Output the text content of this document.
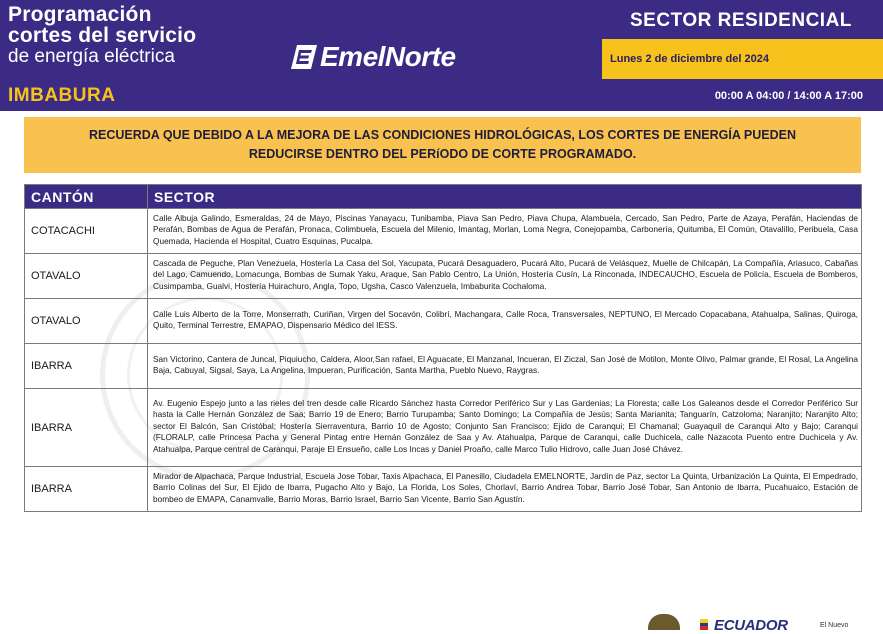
Programación
cortes del servicio
de energía eléctrica
IMBABURA
EmelNorte
SECTOR RESIDENCIAL
Lunes 2 de diciembre del 2024
00:00 A 04:00 / 14:00 A 17:00
RECUERDA QUE DEBIDO A LA MEJORA DE LAS CONDICIONES HIDROLÓGICAS, LOS CORTES DE ENERGÍA PUEDEN REDUCIRSE DENTRO DEL PERíODO DE CORTE PROGRAMADO.
CANTÓN	SECTOR
COTACACHI	Calle Albuja Galindo, Esmeraldas, 24 de Mayo, Piscinas Yanayacu, Tunibamba, Piava San Pedro, Piava Chupa, Alambuela, Cercado, San Pedro, Parte de Azaya, Perafán, Haciendas de Perafán, Bombas de Agua de Perafán, Pronaca, Colimbuela, Escuela del Milenio, Imantag, Morlan, Loma Negra, Conejopamba, Carbonería, Quitumba, El Común, Otavalillo, Peribuela, Casa Quemada, Hacienda el Hospital, Cuatro Esquinas, Pucalpa.
OTAVALO	Cascada de Peguche, Plan Venezuela, Hostería La Casa del Sol, Yacupata, Pucará Desaguadero, Pucará Alto, Pucará de Velásquez, Muelle de Chilcapán, La Compañía, Ariasuco, Cabañas del Lago, Camuendo, Lomacunga, Bombas de Sumak Yaku, Araque, San Pablo Centro, La Unión, Hostería Cusín, La Rinconada, INDECAUCHO, Escuela de Policía, Escuela de Bomberos, Cusimpamba, Gualvi, Hostería Huirachuro, Angla, Topo, Ugsha, Casco Valenzuela, Imbaburita Cochaloma.
OTAVALO	Calle Luis Alberto de la Torre, Monserrath, Curiñan, Virgen del Socavón, Colibrí, Machangara, Calle Roca, Transversales, NEPTUNO, El Mercado Copacabana, Atahualpa, Salinas, Quiroga, Quito, Terminal Terrestre, EMAPAO, Dispensario Médico del IESS.
IBARRA	San Victorino, Cantera de Juncal, Piquiucho, Caldera, Aloor,San rafael, El Aguacate, El Manzanal, Incueran, El Ziczal, San José de Motilon, Monte Olivo, Palmar grande, El Rosal, La Angelina Baja, Cabuyal, Sigsal, Saya, La Angelina, Impueran, Purificación, Santa Martha, Pueblo Nuevo, Raygras.
IBARRA	Av. Eugenio Espejo junto a las rieles del tren desde calle Ricardo Sánchez hasta Corredor Periférico Sur y Las Gardenias; La Floresta; calle Los Galeanos desde el Corredor Periférico Sur hasta la Calle Hernán González de Saa; Barrio 19 de Enero; Barrio Turupamba; Santo Domingo; La Compañía de Jesús; Santa Marianita; Tanguarín, Catzoloma; Naranjito; Naranjito Alto; sector El Balcón, San Cristóbal; Hostería Sierraventura, Barrio 10 de Agosto; Conjunto San Francisco; Ejido de Caranqui; El Chamanal; Guayaquil de Caranqui Alto y Bajo; Caranqui (FLORALP, calle Princesa Pacha y General Pintag entre Hernán González de Saa y Av. Atahualpa, Parque de Caranqui, calle Duchicela, calle Nazacota Puento entre Duchicela y Av. Atahualpa, Parque central de Caranqui, Paraje El Ensueño, calle Los Incas y Daniel Proaño, calle Marco Tulio Hidrovo, calle Juan José Chávez.
IBARRA	Mirador de Alpachaca, Parque Industrial, Escuela Jose Tobar, Taxis Alpachaca, El Panesillo, Ciudadela EMELNORTE, Jardín de Paz, sector La Quinta, Urbanización La Quinta, El Empedrado, Barrio Colinas del Sur, El Ejido de Ibarra, Pugacho Alto y Bajo, La Florida, Los Soles, Chorlaví, Barrio Andrea Tobar, Barrio José Tobar, San Antonio de Ibarra, Pucahuaico, Estación de bombeo de EMAPA, Canamvalle, Barrio Moras, Barrio Israel, Barrio San Vicente, Barrio San Agustín.
ECUADOR	El Nuevo
